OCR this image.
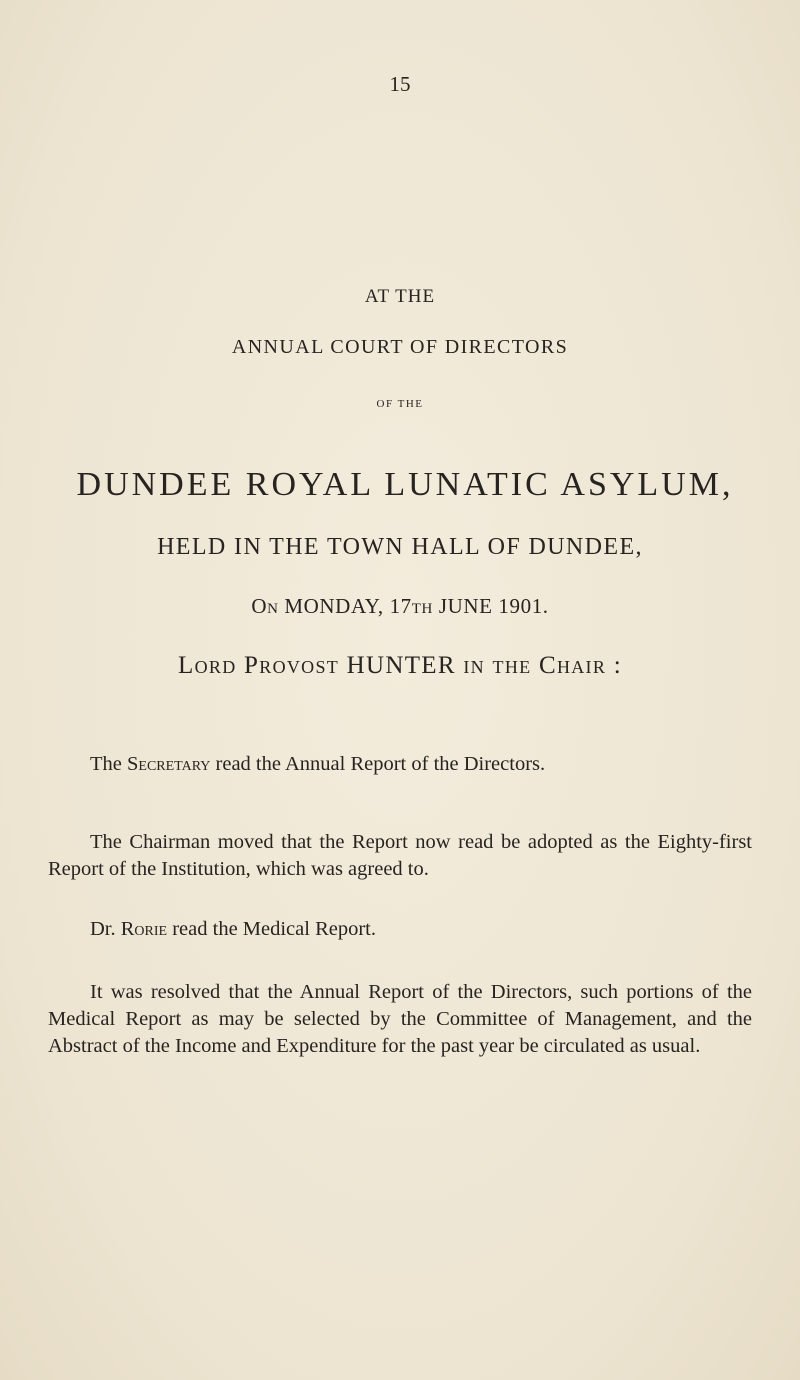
15
AT THE
ANNUAL COURT OF DIRECTORS
OF THE
DUNDEE ROYAL LUNATIC ASYLUM,
HELD IN THE TOWN HALL OF DUNDEE,
On MONDAY, 17th JUNE 1901.
Lord Provost HUNTER in the Chair :

The Secretary read the Annual Report of the Directors.

The Chairman moved that the Report now read be adopted as the Eighty-first Report of the Institution, which was agreed to.

Dr. Rorie read the Medical Report.

It was resolved that the Annual Report of the Directors, such portions of the Medical Report as may be selected by the Committee of Management, and the Abstract of the Income and Expenditure for the past year be circulated as usual.
